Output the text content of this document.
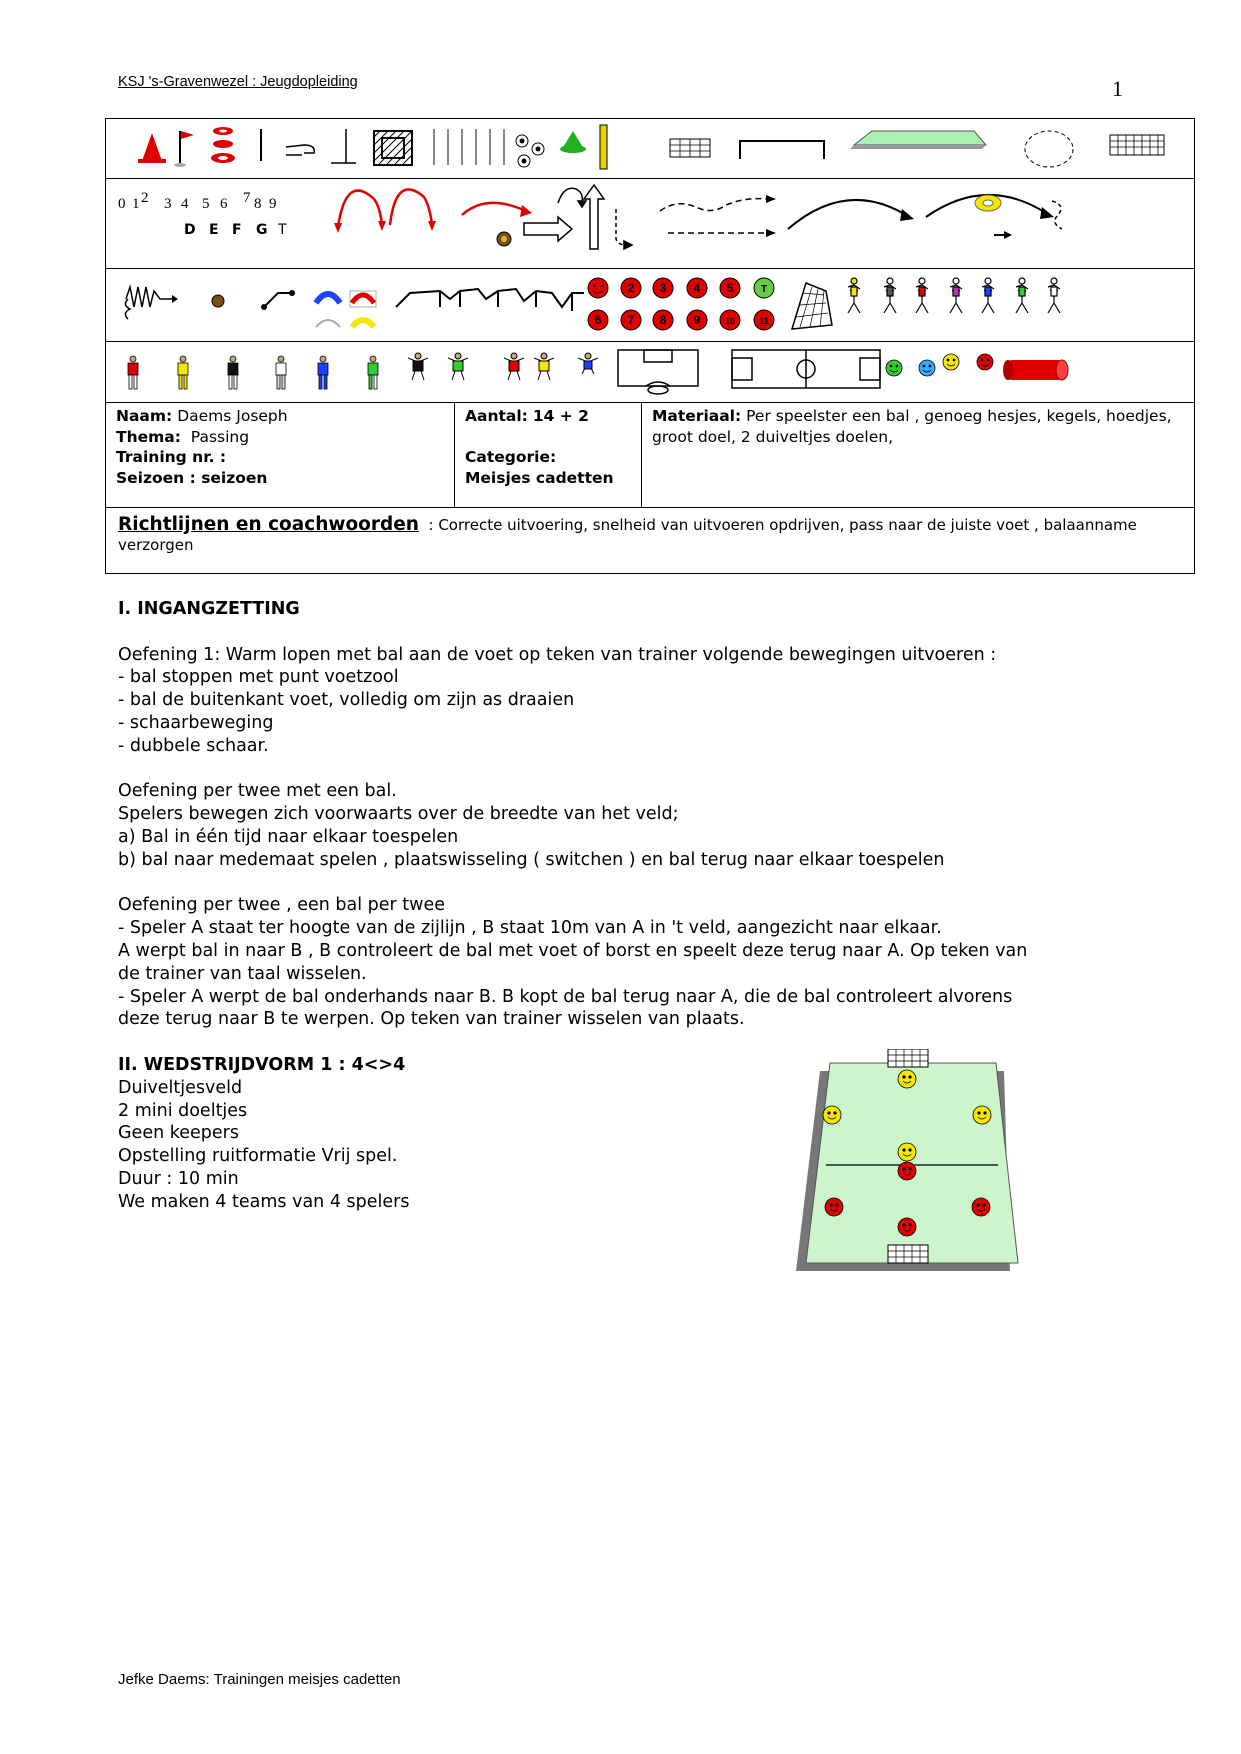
KSJ 's-Gravenwezel : Jeugdopleiding	1
0 1 2 3 4 5 6 7 8 9
D E F G T
2 3 4 5	T
6 7 8 9	10	11
Naam: Daems Joseph
Thema: Passing
Training nr. :
Seizoen : seizoen
Aantal: 14 + 2

Categorie:
Meisjes cadetten
Materiaal: Per speelster een bal , genoeg hesjes, kegels, hoedjes, groot doel, 2 duiveltjes doelen,
Richtlijnen en coachwoorden  : Correcte uitvoering, snelheid van uitvoeren opdrijven, pass naar de juiste voet , balaanname verzorgen

I. INGANGZETTING

Oefening 1: Warm lopen met bal aan de voet op teken van trainer volgende bewegingen uitvoeren :

- bal stoppen met punt voetzool

- bal de buitenkant voet, volledig om zijn as draaien

- schaarbeweging

- dubbele schaar.

Oefening per twee met een bal.

Spelers bewegen zich voorwaarts over de breedte van het veld;

a) Bal in één tijd naar elkaar toespelen

b) bal naar medemaat spelen , plaatswisseling ( switchen ) en bal terug naar elkaar toespelen

Oefening per twee , een bal per twee

- Speler A staat ter hoogte van de zijlijn , B staat 10m van A in 't veld, aangezicht naar elkaar.

A werpt bal in naar B , B controleert de bal met voet of borst en speelt deze terug naar A. Op teken van

de trainer van taal wisselen.

- Speler A werpt de bal onderhands naar B. B kopt de bal terug naar A, die de bal controleert alvorens

deze terug naar B te werpen. Op teken van trainer wisselen van plaats.

II. WEDSTRIJDVORM 1 : 4<>4

Duiveltjesveld

2 mini doeltjes

Geen keepers

Opstelling ruitformatie Vrij spel.

Duur : 10 min

We maken 4 teams van 4 spelers

Jefke Daems: Trainingen meisjes cadetten
